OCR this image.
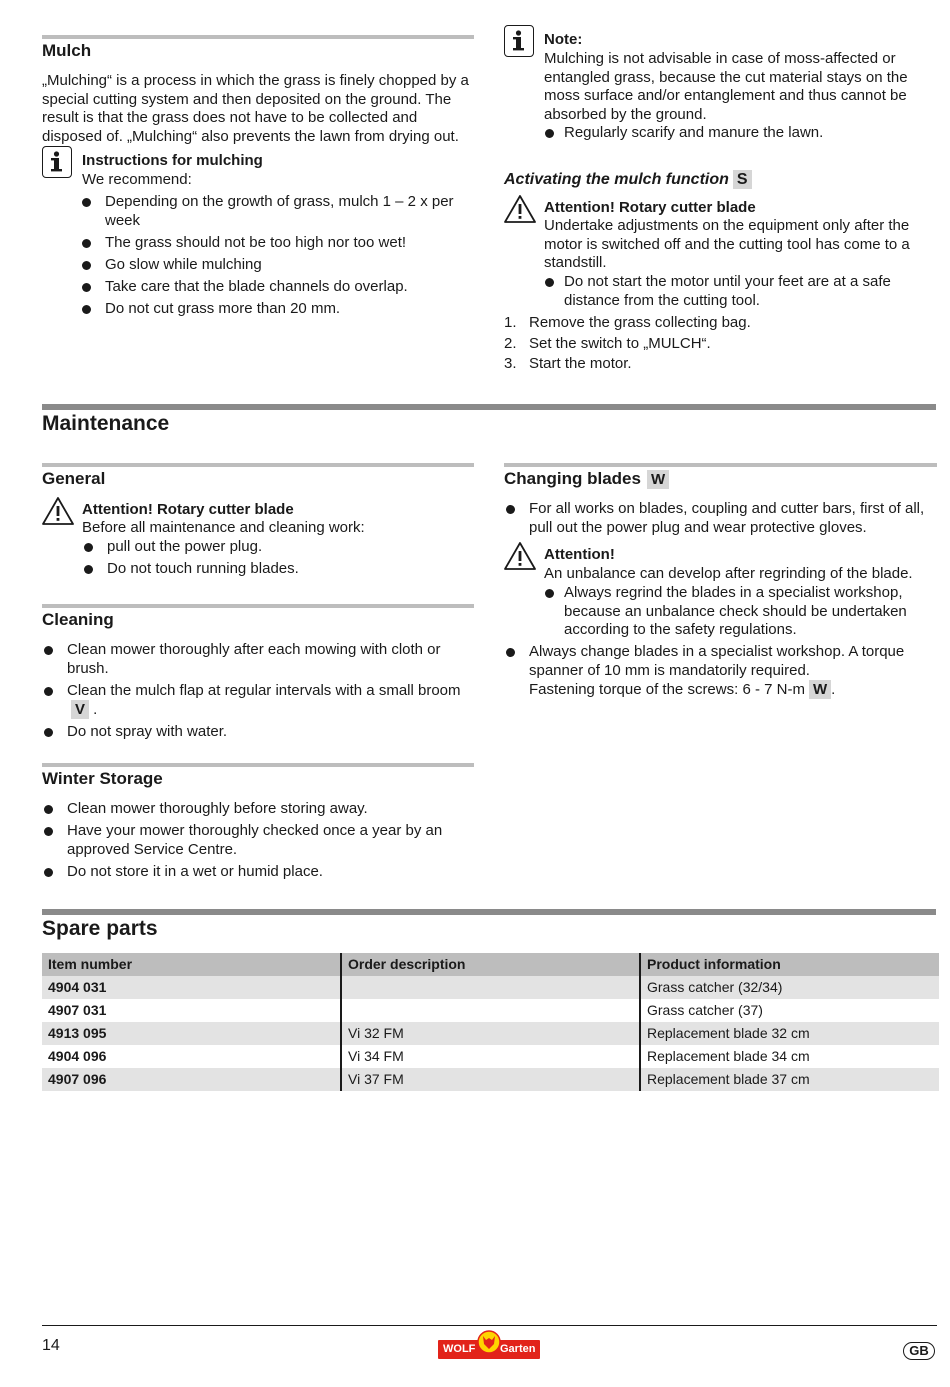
Mulch
„Mulching“ is a process in which the grass is finely chopped by a special cutting system and then deposited on the ground. The result is that the grass does not have to be collected and disposed of. „Mulching“ also prevents the lawn from drying out.
Instructions for mulching
We recommend:
Depending on the growth of grass, mulch 1 – 2 x per week
The grass should not be too high nor too wet!
Go slow while mulching
Take care that the blade channels do overlap.
Do not cut grass more than 20 mm.
Note:
Mulching is not advisable in case of moss-affected or entangled grass, because the cut material stays on the moss surface and/or entanglement and thus cannot be absorbed by the ground.
Regularly scarify and manure the lawn.
Activating the mulch function S
Attention! Rotary cutter blade
Undertake adjustments on the equipment only after the motor is switched off and the cutting tool has come to a standstill.
Do not start the motor until your feet are at a safe distance from the cutting tool.
1. Remove the grass collecting bag.
2. Set the switch to „MULCH“.
3. Start the motor.
Maintenance
General
Attention! Rotary cutter blade
Before all maintenance and cleaning work:
pull out the power plug.
Do not touch running blades.
Cleaning
Clean mower thoroughly after each mowing with cloth or brush.
Clean the mulch flap at regular intervals with a small broomV .
Do not spray with water.
Winter Storage
Clean mower thoroughly before storing away.
Have your mower thoroughly checked once a year by an approved Service Centre.
Do not store it in a wet or humid place.
Changing blades W
For all works on blades, coupling and cutter bars, first of all, pull out the power plug and wear protective gloves.
Attention!
An unbalance can develop after regrinding of the blade.
Always regrind the blades in a specialist workshop, because an unbalance check should be undertaken according to the safety regulations.
Always change blades in a specialist workshop. A torque spanner of 10 mm is mandatorily required.
Fastening torque of the screws: 6 - 7 N-m W .
Spare parts
Item number	Order description	Product information
4904 031		Grass catcher (32/34)
4907 031		Grass catcher (37)
4913 095	Vi 32 FM	Replacement blade 32 cm
4904 096	Vi 34 FM	Replacement blade 34 cm
4907 096	Vi 37 FM	Replacement blade 37 cm
14	WOLF Garten	GB
